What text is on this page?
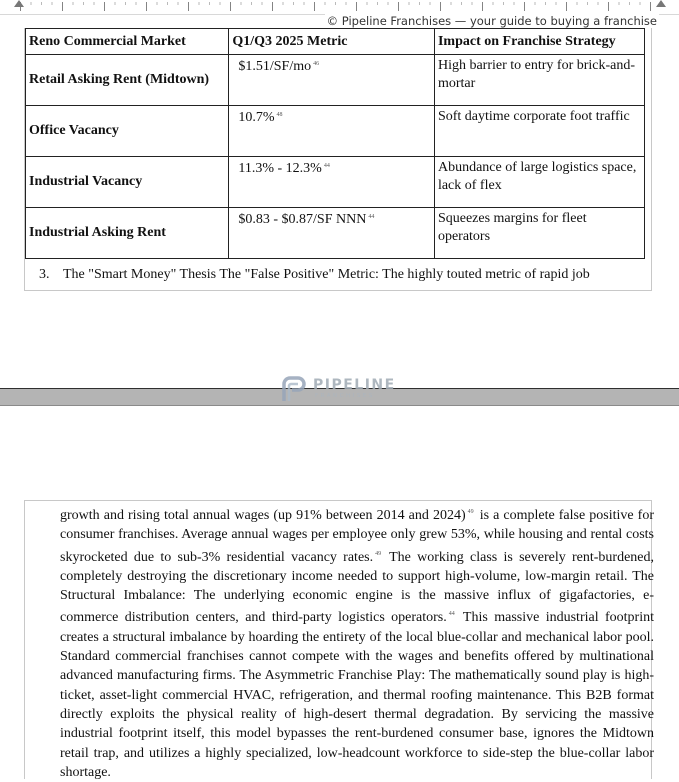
© Pipeline Franchises — your guide to buying a franchise
Reno Commercial Market	Q1/Q3 2025 Metric	Impact on Franchise Strategy
Retail Asking Rent (Midtown)	$1.51/SF/mo $^{46}$	High barrier to entry for brick-and-mortar
Office Vacancy	10.7% $^{48}$	Soft daytime corporate foot traffic
Industrial Vacancy	11.3% - 12.3% $^{44}$	Abundance of large logistics space, lack of flex
Industrial Asking Rent	$0.83 - $0.87/SF NNN $^{44}$	Squeezes margins for fleet operators
3. The "Smart Money" Thesis The "False Positive" Metric: The highly touted metric of rapid job
PIPELINE
FRANCHISES
growth and rising total annual wages (up 91% between 2014 and 2024) $^{49}$ is a complete false positive for consumer franchises. Average annual wages per employee only grew 53%, while housing and rental costs skyrocketed due to sub-3% residential vacancy rates. $^{49}$ The working class is severely rent-burdened, completely destroying the discretionary income needed to support high-volume, low-margin retail. The Structural Imbalance: The underlying economic engine is the massive influx of gigafactories, e-commerce distribution centers, and third-party logistics operators. $^{44}$ This massive industrial footprint creates a structural imbalance by hoarding the entirety of the local blue-collar and mechanical labor pool. Standard commercial franchises cannot compete with the wages and benefits offered by multinational advanced manufacturing firms. The Asymmetric Franchise Play: The mathematically sound play is high-ticket, asset-light commercial HVAC, refrigeration, and thermal roofing maintenance. This B2B format directly exploits the physical reality of high-desert thermal degradation. By servicing the massive industrial footprint itself, this model bypasses the rent-burdened consumer base, ignores the Midtown retail trap, and utilizes a highly specialized, low-headcount workforce to side-step the blue-collar labor shortage.
